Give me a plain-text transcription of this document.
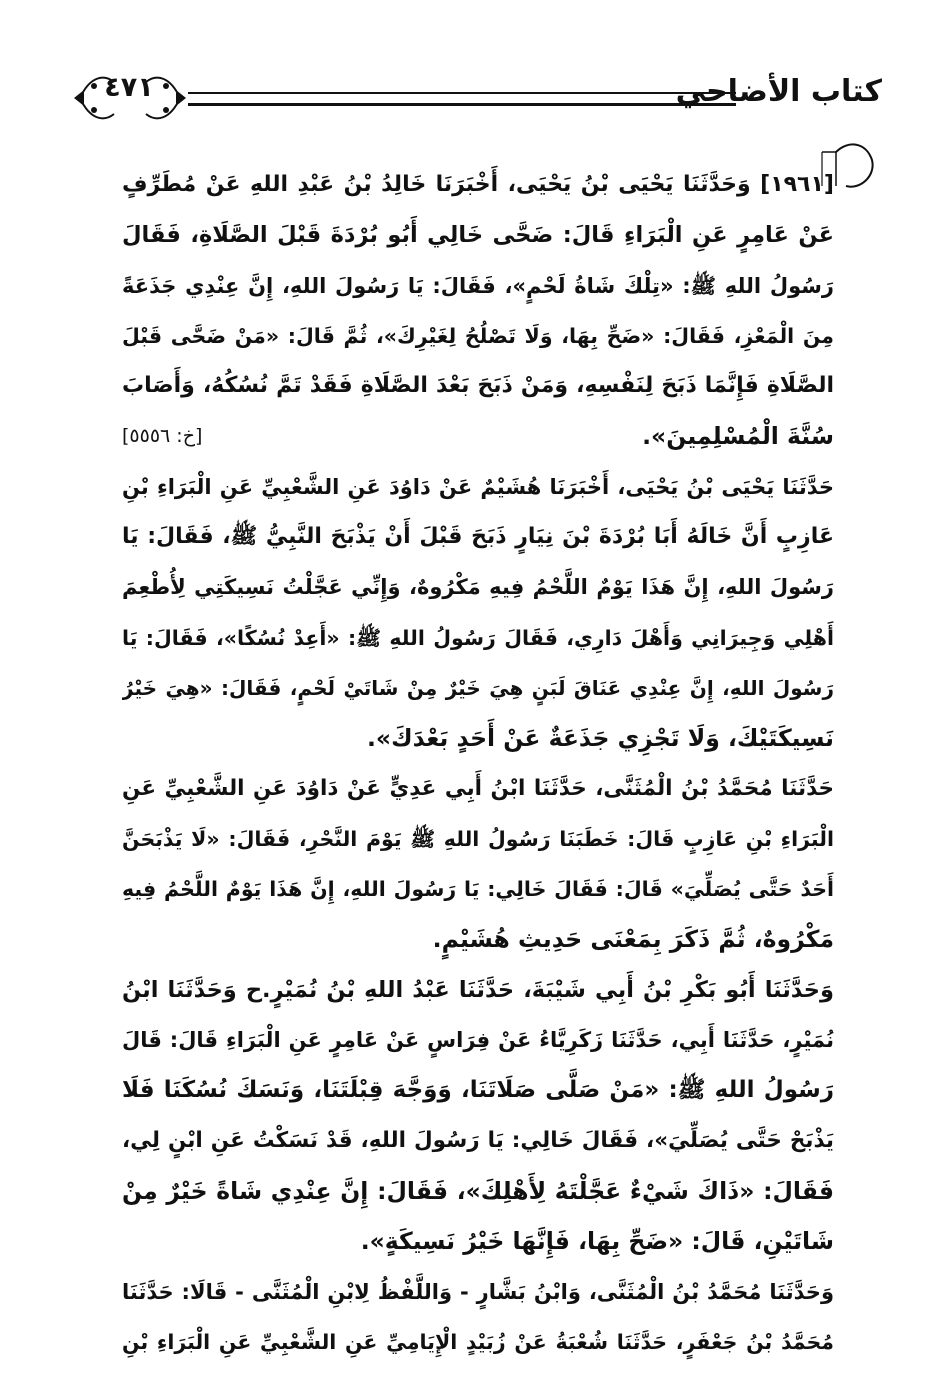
٤٧١	كتاب الأضاحي
[١٩٦١] وَحَدَّثَنَا يَحْيَى بْنُ يَحْيَى، أَخْبَرَنَا خَالِدُ بْنُ عَبْدِ اللهِ عَنْ مُطَرِّفٍ
عَنْ عَامِرٍ عَنِ الْبَرَاءِ قَالَ: ضَحَّى خَالِي أَبُو بُرْدَةَ قَبْلَ الصَّلَاةِ، فَقَالَ
رَسُولُ اللهِ ﷺ: «تِلْكَ شَاةُ لَحْمٍ»، فَقَالَ: يَا رَسُولَ اللهِ، إِنَّ عِنْدِي جَذَعَةً
مِنَ الْمَعْزِ، فَقَالَ: «ضَحِّ بِهَا، وَلَا تَصْلُحُ لِغَيْرِكَ»، ثُمَّ قَالَ: «مَنْ ضَحَّى قَبْلَ
الصَّلَاةِ فَإِنَّمَا ذَبَحَ لِنَفْسِهِ، وَمَنْ ذَبَحَ بَعْدَ الصَّلَاةِ فَقَدْ تَمَّ نُسُكُهُ، وَأَصَابَ
سُنَّةَ الْمُسْلِمِينَ».
[خ: ٥٥٥٦]
حَدَّثَنَا يَحْيَى بْنُ يَحْيَى، أَخْبَرَنَا هُشَيْمٌ عَنْ دَاوُدَ عَنِ الشَّعْبِيِّ عَنِ الْبَرَاءِ بْنِ
عَازِبٍ أَنَّ خَالَهُ أَبَا بُرْدَةَ بْنَ نِيَارٍ ذَبَحَ قَبْلَ أَنْ يَذْبَحَ النَّبِيُّ ﷺ، فَقَالَ: يَا
رَسُولَ اللهِ، إِنَّ هَذَا يَوْمٌ اللَّحْمُ فِيهِ مَكْرُوهٌ، وَإِنِّي عَجَّلْتُ نَسِيكَتِي لِأُطْعِمَ
أَهْلِي وَجِيرَانِي وَأَهْلَ دَارِي، فَقَالَ رَسُولُ اللهِ ﷺ: «أَعِدْ نُسُكًا»، فَقَالَ: يَا
رَسُولَ اللهِ، إِنَّ عِنْدِي عَنَاقَ لَبَنٍ هِيَ خَيْرٌ مِنْ شَاتَيْ لَحْمٍ، فَقَالَ: «هِيَ خَيْرُ
نَسِيكَتَيْكَ، وَلَا تَجْزِي جَذَعَةٌ عَنْ أَحَدٍ بَعْدَكَ».
حَدَّثَنَا مُحَمَّدُ بْنُ الْمُثَنَّى، حَدَّثَنَا ابْنُ أَبِي عَدِيٍّ عَنْ دَاوُدَ عَنِ الشَّعْبِيِّ عَنِ
الْبَرَاءِ بْنِ عَازِبٍ قَالَ: خَطَبَنَا رَسُولُ اللهِ ﷺ يَوْمَ النَّحْرِ، فَقَالَ: «لَا يَذْبَحَنَّ
أَحَدٌ حَتَّى يُصَلِّيَ» قَالَ: فَقَالَ خَالِي: يَا رَسُولَ اللهِ، إِنَّ هَذَا يَوْمٌ اللَّحْمُ فِيهِ
مَكْرُوهٌ، ثُمَّ ذَكَرَ بِمَعْنَى حَدِيثِ هُشَيْمٍ.
وَحَدَّثَنَا أَبُو بَكْرِ بْنُ أَبِي شَيْبَةَ، حَدَّثَنَا عَبْدُ اللهِ بْنُ نُمَيْرٍ.ح وَحَدَّثَنَا ابْنُ
نُمَيْرٍ، حَدَّثَنَا أَبِي، حَدَّثَنَا زَكَرِيَّاءُ عَنْ فِرَاسٍ عَنْ عَامِرٍ عَنِ الْبَرَاءِ قَالَ: قَالَ
رَسُولُ اللهِ ﷺ: «مَنْ صَلَّى صَلَاتَنَا، وَوَجَّهَ قِبْلَتَنَا، وَنَسَكَ نُسُكَنَا فَلَا
يَذْبَحْ حَتَّى يُصَلِّيَ»، فَقَالَ خَالِي: يَا رَسُولَ اللهِ، قَدْ نَسَكْتُ عَنِ ابْنٍ لِي،
فَقَالَ: «ذَاكَ شَيْءٌ عَجَّلْتَهُ لِأَهْلِكَ»، فَقَالَ: إِنَّ عِنْدِي شَاةً خَيْرٌ مِنْ
شَاتَيْنِ، قَالَ: «ضَحِّ بِهَا، فَإِنَّهَا خَيْرُ نَسِيكَةٍ».
وَحَدَّثَنَا مُحَمَّدُ بْنُ الْمُثَنَّى، وَابْنُ بَشَّارٍ - وَاللَّفْظُ لِابْنِ الْمُثَنَّى - قَالَا: حَدَّثَنَا
مُحَمَّدُ بْنُ جَعْفَرٍ، حَدَّثَنَا شُعْبَةُ عَنْ زُبَيْدٍ الْإِيَامِيِّ عَنِ الشَّعْبِيِّ عَنِ الْبَرَاءِ بْنِ
